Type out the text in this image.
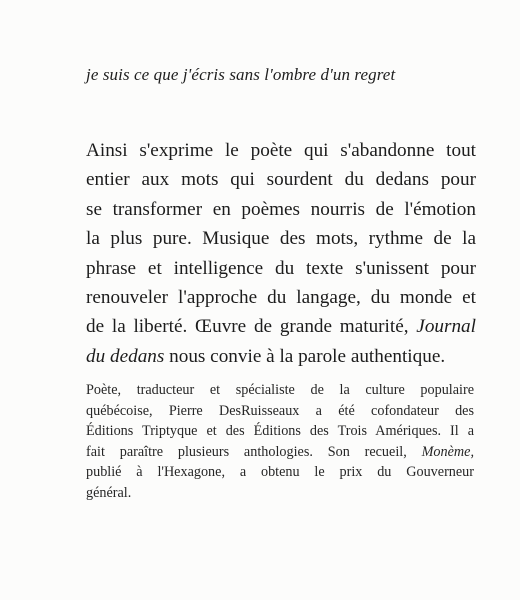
je suis ce que j'écris sans l'ombre d'un regret

Ainsi s'exprime le poète qui s'abandonne tout
entier aux mots qui sourdent du dedans pour
se transformer en poèmes nourris de l'émotion
la plus pure. Musique des mots, rythme de la
phrase et intelligence du texte s'unissent pour
renouveler l'approche du langage, du monde et
de la liberté. Œuvre de grande maturité, Journal
du dedans nous convie à la parole authentique.

Poète, traducteur et spécialiste de la culture populaire
québécoise, Pierre DesRuisseaux a été cofondateur des
Éditions Triptyque et des Éditions des Trois Amériques. Il a
fait paraître plusieurs anthologies. Son recueil, Monème,
publié à l'Hexagone, a obtenu le prix du Gouverneur
général.
